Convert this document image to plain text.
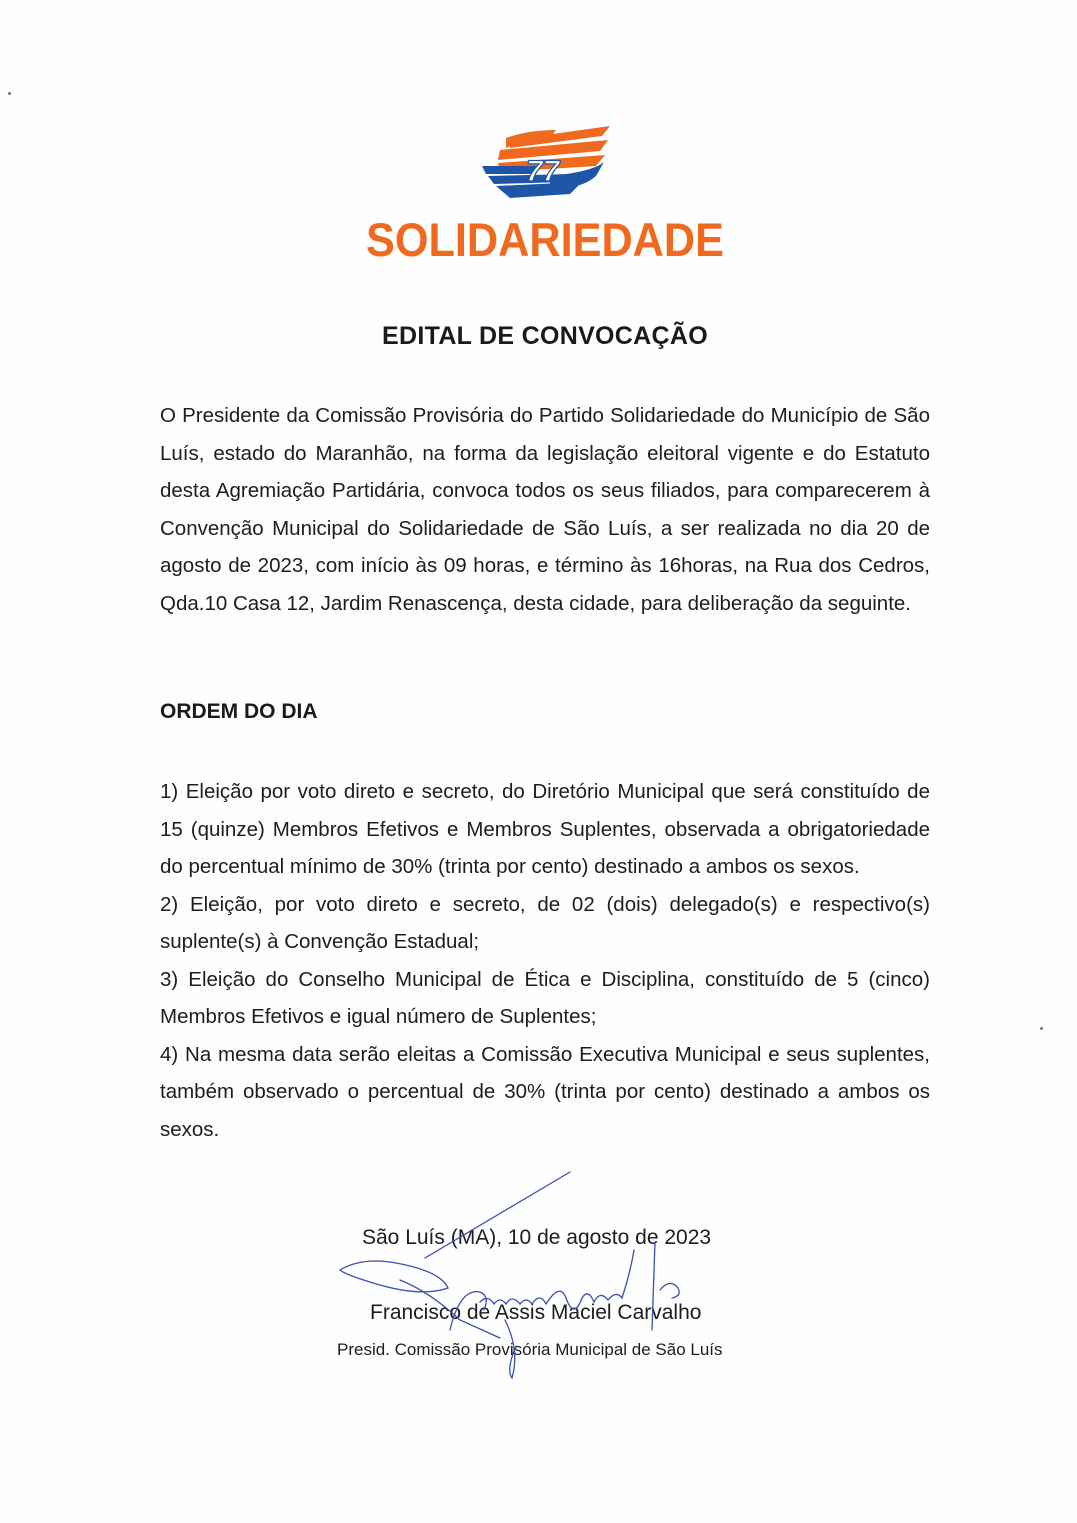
77
SOLIDARIEDADE
EDITAL DE CONVOCAÇÃO
O Presidente da Comissão Provisória do Partido Solidariedade do Município de São Luís, estado do Maranhão, na forma da legislação eleitoral vigente e do Estatuto desta Agremiação Partidária, convoca todos os seus filiados, para comparecerem à Convenção Municipal do Solidariedade de São Luís, a ser realizada no dia 20 de agosto de 2023, com início às 09 horas, e término às 16horas, na Rua dos Cedros, Qda.10 Casa 12, Jardim Renascença, desta cidade, para deliberação da seguinte.
ORDEM DO DIA

1) Eleição por voto direto e secreto, do Diretório Municipal que será constituído de 15 (quinze) Membros Efetivos e Membros Suplentes, observada a obrigatoriedade do percentual mínimo de 30% (trinta por cento) destinado a ambos os sexos.

2) Eleição, por voto direto e secreto, de 02 (dois) delegado(s) e respectivo(s) suplente(s) à Convenção Estadual;

3) Eleição do Conselho Municipal de Ética e Disciplina, constituído de 5 (cinco) Membros Efetivos e igual número de Suplentes;

4) Na mesma data serão eleitas a Comissão Executiva Municipal e seus suplentes, também observado o percentual de 30% (trinta por cento) destinado a ambos os sexos.

São Luís (MA), 10 de agosto de 2023
Francisco de Assis Maciel Carvalho
Presid. Comissão Provisória Municipal de São Luís
